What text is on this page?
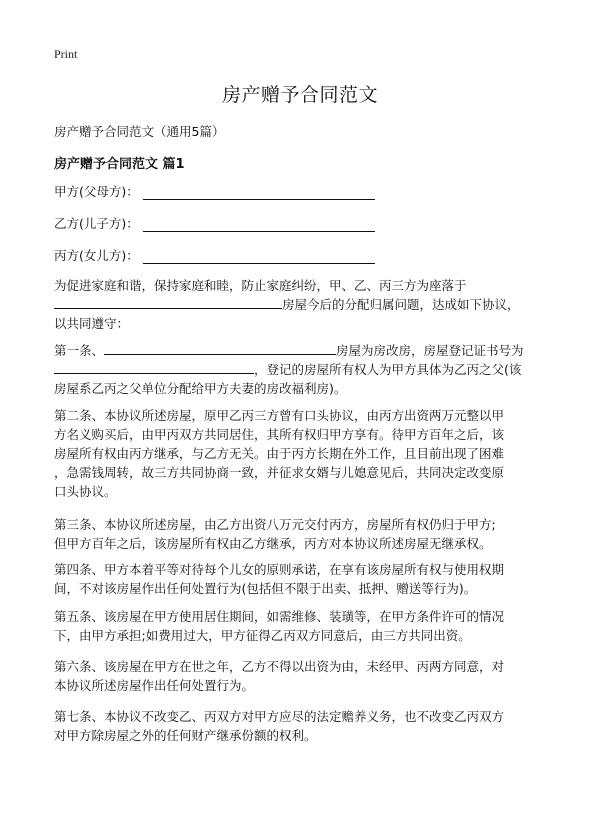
Print
房产赠予合同范文
房产赠予合同范文（通用5篇）
房产赠予合同范文 篇1
甲方(父母方)：
乙方(儿子方)：
丙方(女儿方)：
为促进家庭和谐，保持家庭和睦，防止家庭纠纷，甲、乙、丙三方为座落于
房屋今后的分配归属问题，达成如下协议，
以共同遵守：
第一条、	房屋为房改房，房屋登记证书号为
，登记的房屋所有权人为甲方具体为乙丙之父(该
房屋系乙丙之父单位分配给甲方夫妻的房改福利房)。
第二条、本协议所述房屋，原甲乙丙三方曾有口头协议，由丙方出资两万元整以甲
方名义购买后，由甲丙双方共同居住，其所有权归甲方享有。待甲方百年之后，该
房屋所有权由丙方继承，与乙方无关。由于丙方长期在外工作，且目前出现了困难
，急需钱周转，故三方共同协商一致，并征求女婿与儿媳意见后，共同决定改变原
口头协议。
第三条、本协议所述房屋，由乙方出资八万元交付丙方，房屋所有权仍归于甲方;
但甲方百年之后，该房屋所有权由乙方继承，丙方对本协议所述房屋无继承权。
第四条、甲方本着平等对待每个儿女的原则承诺，在享有该房屋所有权与使用权期
间，不对该房屋作出任何处置行为(包括但不限于出卖、抵押、赠送等行为)。
第五条、该房屋在甲方使用居住期间，如需维修、装璜等，在甲方条件许可的情况
下，由甲方承担;如费用过大，甲方征得乙丙双方同意后，由三方共同出资。
第六条、该房屋在甲方在世之年，乙方不得以出资为由，未经甲、丙两方同意，对
本协议所述房屋作出任何处置行为。
第七条、本协议不改变乙、丙双方对甲方应尽的法定赡养义务，也不改变乙丙双方
对甲方除房屋之外的任何财产继承份额的权利。
